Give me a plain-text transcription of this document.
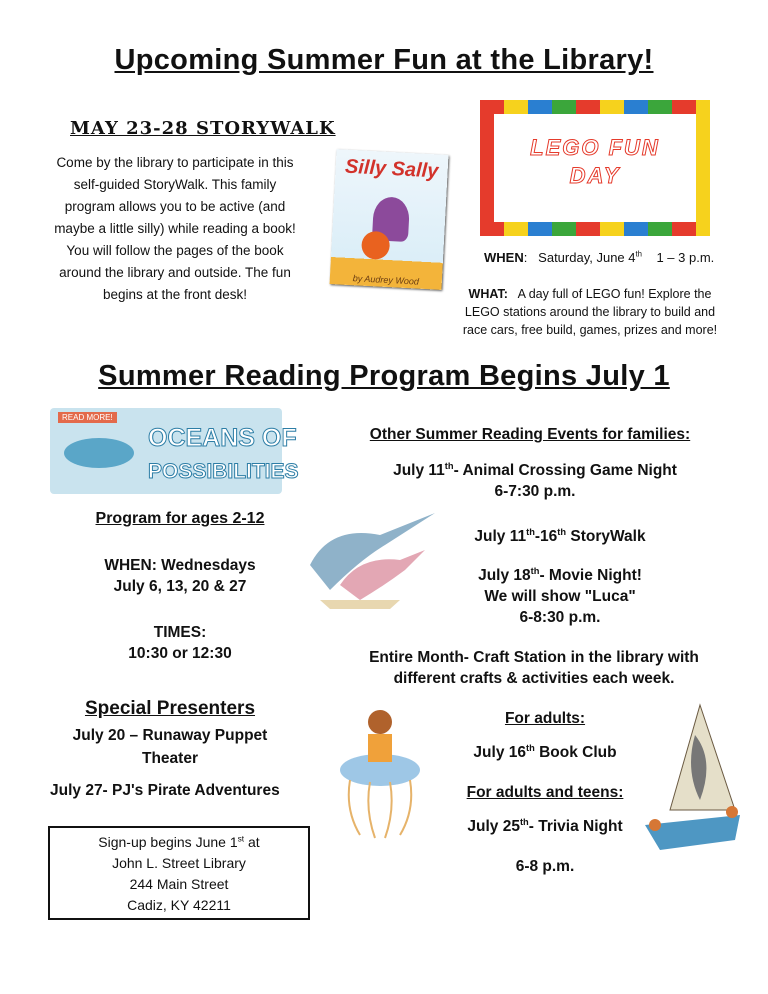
Upcoming Summer Fun at the Library!
MAY 23-28 STORYWALK
Come by the library to participate in this
self-guided StoryWalk. This family
program allows you to be active (and
maybe a little silly) while reading a book!
You will follow the pages of the book
around the library and outside. The fun
begins at the front desk!
Silly Sally
by Audrey Wood
LEGO FUN
DAY
WHEN:   Saturday, June 4th 1 – 3 p.m.
WHAT: A day full of LEGO fun! Explore the
LEGO stations around the library to build and
race cars, free build, games, prizes and more!
Summer Reading Program Begins July 1
READ MORE!
OCEANS OF
POSSIBILITIES
Program for ages 2-12
WHEN: Wednesdays
July 6, 13, 20 & 27
TIMES:
10:30 or 12:30
Special Presenters
July 20 – Runaway Puppet
Theater
July 27- PJ's Pirate Adventures
Sign-up begins June 1st at
John L. Street Library
244 Main Street
Cadiz, KY 42211
Other Summer Reading Events for families:
July 11th- Animal Crossing Game Night
6-7:30 p.m.
July 11th-16th StoryWalk
July 18th- Movie Night!
We will show "Luca"
6-8:30 p.m.
Entire Month- Craft Station in the library with
different crafts & activities each week.
For adults:
July 16th Book Club
For adults and teens:
July 25th- Trivia Night
6-8 p.m.
